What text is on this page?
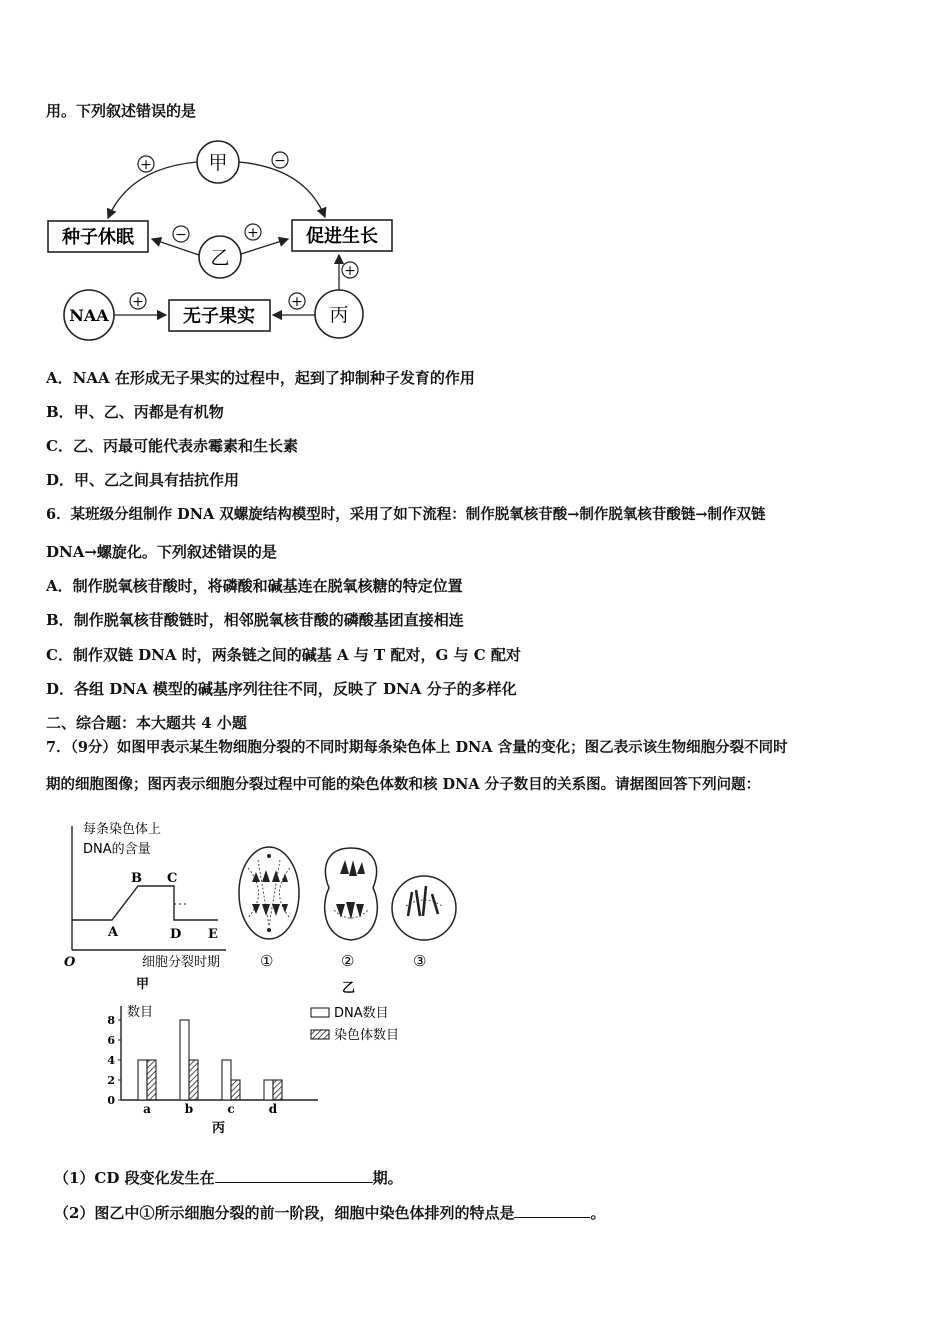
用。下列叙述错误的是
甲
乙
NAA	丙
种子休眠	促进生长
无子果实
+	−
−	+
+	+
+
A．NAA 在形成无子果实的过程中，起到了抑制种子发育的作用
B．甲、乙、丙都是有机物
C．乙、丙最可能代表赤霉素和生长素
D．甲、乙之间具有拮抗作用
6．某班级分组制作 DNA 双螺旋结构模型时，采用了如下流程：制作脱氧核苷酸→制作脱氧核苷酸链→制作双链
DNA→螺旋化。下列叙述错误的是
A．制作脱氧核苷酸时，将磷酸和碱基连在脱氧核糖的特定位置
B．制作脱氧核苷酸链时，相邻脱氧核苷酸的磷酸基团直接相连
C．制作双链 DNA 时，两条链之间的碱基 A 与 T 配对，G 与 C 配对
D．各组 DNA 模型的碱基序列往往不同，反映了 DNA 分子的多样化
二、综合题：本大题共 4 小题
7．（9分）如图甲表示某生物细胞分裂的不同时期每条染色体上 DNA 含量的变化；图乙表示该生物细胞分裂不同时
期的细胞图像；图丙表示细胞分裂过程中可能的染色体数和核 DNA 分子数目的关系图。请据图回答下列问题：
每条染色体上
DNA的含量
A
B C
D E
O	细胞分裂时期
甲
①	②	③
乙
数目
0
2
4
6
8
a	b	c	d
DNA数目
染色体数目
丙
（1）CD 段变化发生在	期。
（2）图乙中①所示细胞分裂的前一阶段，细胞中染色体排列的特点是	。
